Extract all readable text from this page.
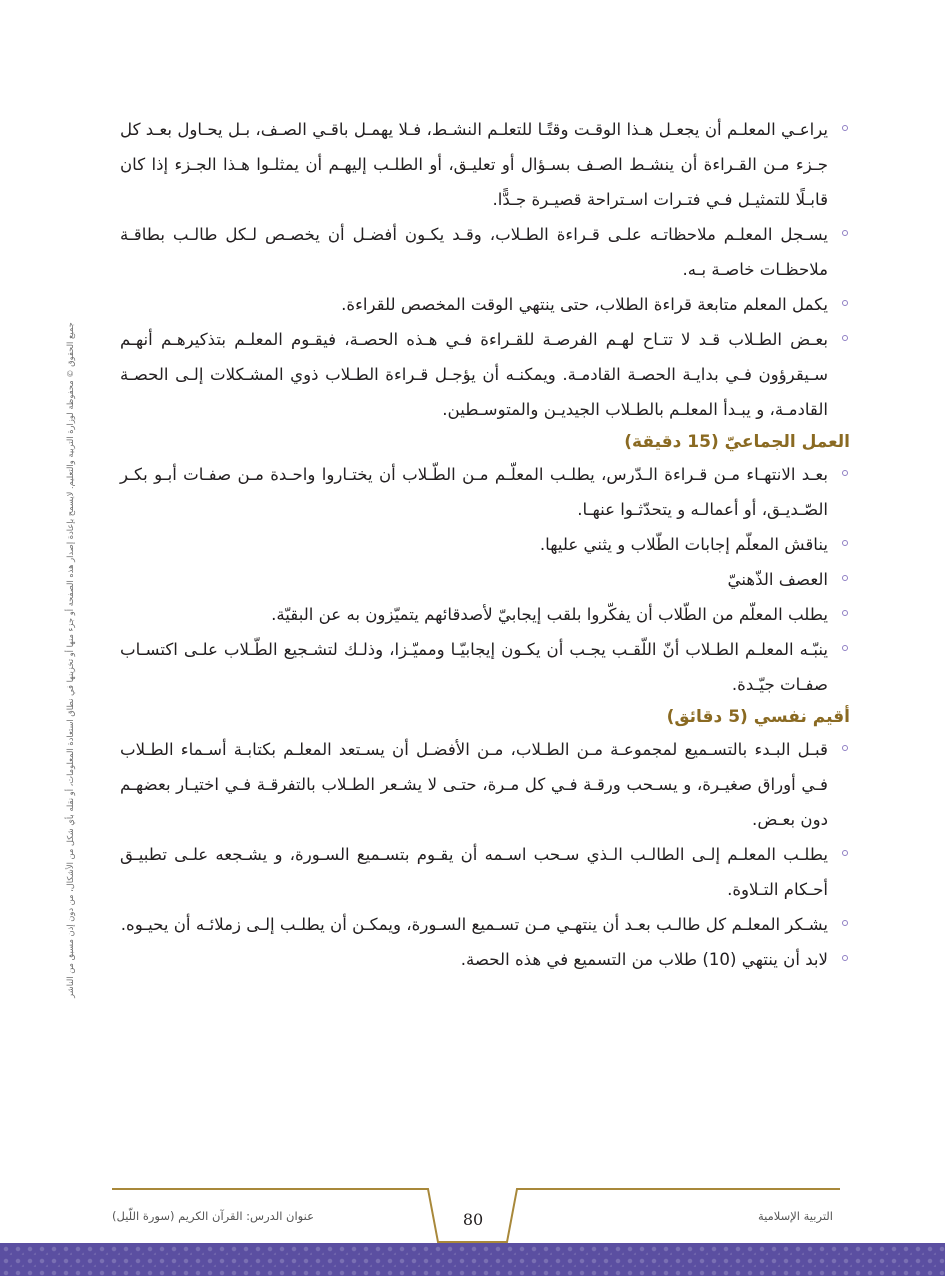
جميع الحقوق © محفوظة لوزارة التربية والتعليم. لايسمح بإعادة إصدار هذه الصفحة أو جزء منها أو تخزينها في نطاق استعادة المعلومات، أو نقله بأي شكل من الأشكال، من دون إذن مسبق من الناشر
يراعـي المعلـم أن يجعـل هـذا الوقـت وقتًـا للتعلـم النشـط، فـلا يهمـل باقـي الصـف، بـل يحـاول بعـد كل جـزء مـن القـراءة أن ينشـط الصـف بسـؤال أو تعليـق، أو الطلـب إليهـم أن يمثلـوا هـذا الجـزء إذا كان قابـلًا للتمثيـل فـي فتـرات اسـتراحة قصيـرة جـدًّا.
يسـجل المعلـم ملاحظاتـه علـى قـراءة الطـلاب، وقـد يكـون أفضـل أن يخصـص لـكل طالـب بطاقـة ملاحظـات خاصـة بـه.
يكمل المعلم متابعة قراءة الطلاب، حتى ينتهي الوقت المخصص للقراءة.
بعـض الطـلاب قـد لا تتـاح لهـم الفرصـة للقـراءة فـي هـذه الحصـة، فيقـوم المعلـم بتذكيرهـم أنهـم سـيقرؤون فـي بدايـة الحصـة القادمـة. ويمكنـه أن يؤجـل قـراءة الطـلاب ذوي المشـكلات إلـى الحصـة القادمـة، و يبـدأ المعلـم بالطـلاب الجيديـن والمتوسـطين.
العمل الجماعيّ (15 دقيقة)
بعـد الانتهـاء مـن قـراءة الـدّرس، يطلـب المعلّـم مـن الطّـلاب أن يختـاروا واحـدة مـن صفـات أبـو بكـر الصّـديـق، أو أعمالـه و يتحدّثـوا عنهـا.
يناقش المعلّم إجابات الطّلاب و يثني عليها.
العصف الذّهنيّ
يطلب المعلّم من الطّلاب أن يفكّروا بلقب إيجابيّ لأصدقائهم يتميّزون به عن البقيّة.
ينبّـه المعلـم الطـلاب أنّ اللّقـب يجـب أن يكـون إيجابيّـا ومميّـزا، وذلـك لتشـجيع الطّـلاب علـى اكتسـاب صفـات جيّـدة.
أقيم نفسي (5 دقائق)
قبـل البـدء بالتسـميع لمجموعـة مـن الطـلاب، مـن الأفضـل أن يسـتعد المعلـم بكتابـة أسـماء الطـلاب فـي أوراق صغيـرة، و يسـحب ورقـة فـي كل مـرة، حتـى لا يشـعر الطـلاب بالتفرقـة فـي اختيـار بعضهـم دون بعـض.
يطلـب المعلـم إلـى الطالـب الـذي سـحب اسـمه أن يقـوم بتسـميع السـورة، و يشـجعه علـى تطبيـق أحـكام التـلاوة.
يشـكر المعلـم كل طالـب بعـد أن ينتهـي مـن تسـميع السـورة، ويمكـن أن يطلـب إلـى زملائـه أن يحيـوه.
لابد أن ينتهي (10) طلاب من التسميع في هذه الحصة.
التربية الإسلامية
80
عنوان الدرس: القرآن الكريم (سورة اللّيل)
